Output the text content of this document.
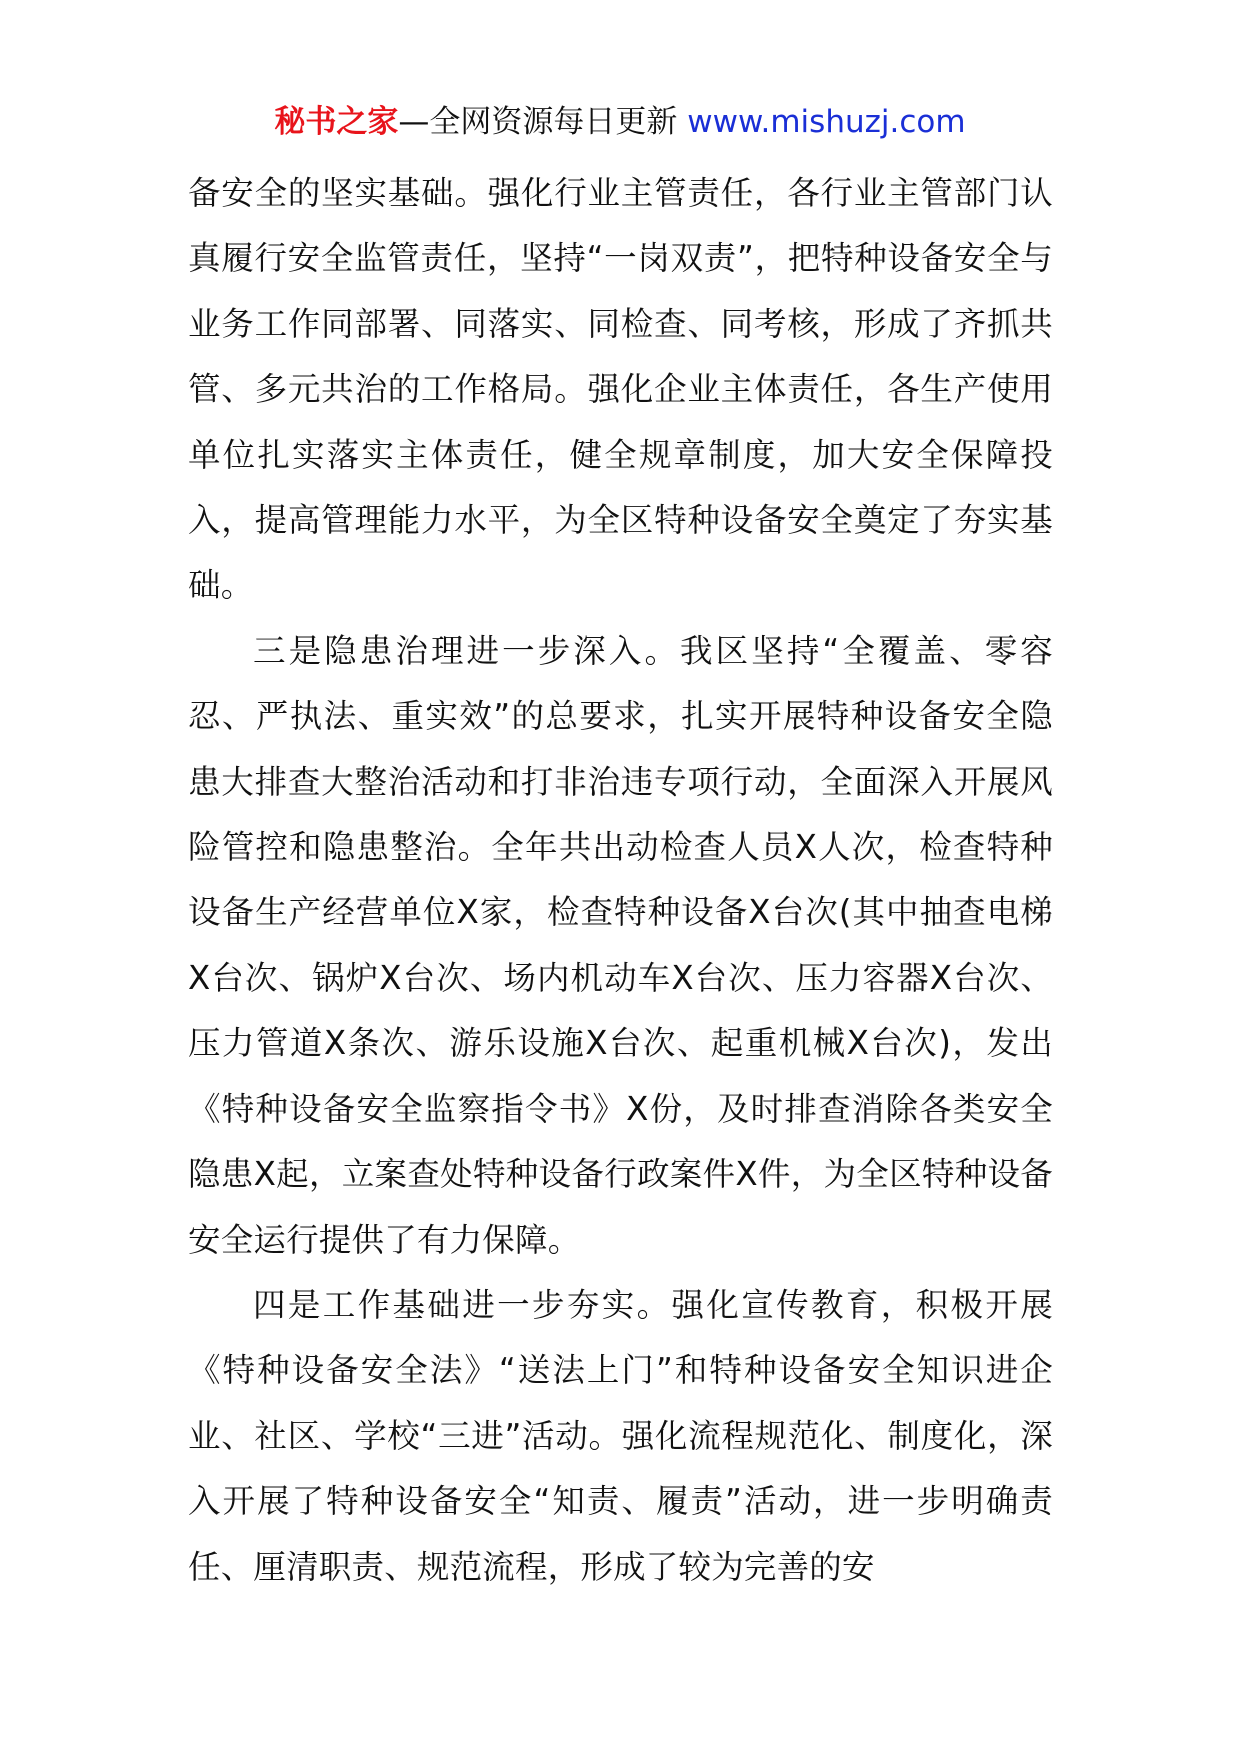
秘书之家—全网资源每日更新 www.mishuzj.com

备安全的坚实基础。强化行业主管责任，各行业主管部门认真履行安全监管责任，坚持“一岗双责”，把特种设备安全与业务工作同部署、同落实、同检查、同考核，形成了齐抓共管、多元共治的工作格局。强化企业主体责任，各生产使用单位扎实落实主体责任，健全规章制度，加大安全保障投入，提高管理能力水平，为全区特种设备安全奠定了夯实基础。

三是隐患治理进一步深入。我区坚持“全覆盖、零容忍、严执法、重实效”的总要求，扎实开展特种设备安全隐患大排查大整治活动和打非治违专项行动，全面深入开展风险管控和隐患整治。全年共出动检查人员X人次，检查特种设备生产经营单位X家，检查特种设备X台次(其中抽查电梯X台次、锅炉X台次、场内机动车X台次、压力容器X台次、压力管道X条次、游乐设施X台次、起重机械X台次)，发出《特种设备安全监察指令书》X份，及时排查消除各类安全隐患X起，立案查处特种设备行政案件X件，为全区特种设备安全运行提供了有力保障。

四是工作基础进一步夯实。强化宣传教育，积极开展《特种设备安全法》“送法上门”和特种设备安全知识进企业、社区、学校“三进”活动。强化流程规范化、制度化，深入开展了特种设备安全“知责、履责”活动，进一步明确责任、厘清职责、规范流程，形成了较为完善的安
